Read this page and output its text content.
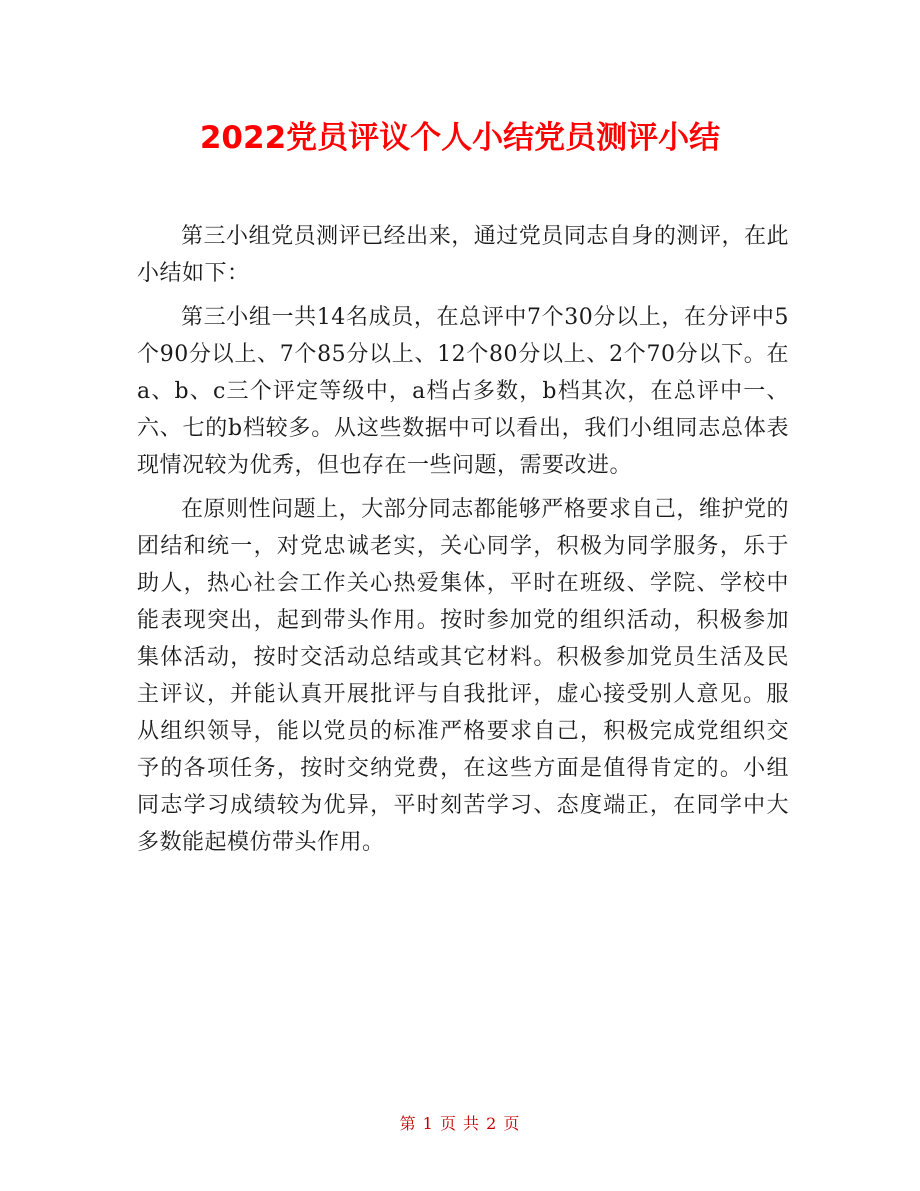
2022党员评议个人小结党员测评小结

第三小组党员测评已经出来，通过党员同志自身的测评，在此小结如下：

第三小组一共14名成员，在总评中7个30分以上，在分评中5个90分以上、7个85分以上、12个80分以上、2个70分以下。在a、b、c三个评定等级中，a档占多数，b档其次，在总评中一、六、七的b档较多。从这些数据中可以看出，我们小组同志总体表现情况较为优秀，但也存在一些问题，需要改进。

在原则性问题上，大部分同志都能够严格要求自己，维护党的团结和统一，对党忠诚老实，关心同学，积极为同学服务，乐于助人，热心社会工作关心热爱集体，平时在班级、学院、学校中能表现突出，起到带头作用。按时参加党的组织活动，积极参加集体活动，按时交活动总结或其它材料。积极参加党员生活及民主评议，并能认真开展批评与自我批评，虚心接受别人意见。服从组织领导，能以党员的标准严格要求自己，积极完成党组织交予的各项任务，按时交纳党费，在这些方面是值得肯定的。小组同志学习成绩较为优异，平时刻苦学习、态度端正，在同学中大多数能起模仿带头作用。

第 1 页 共 2 页
